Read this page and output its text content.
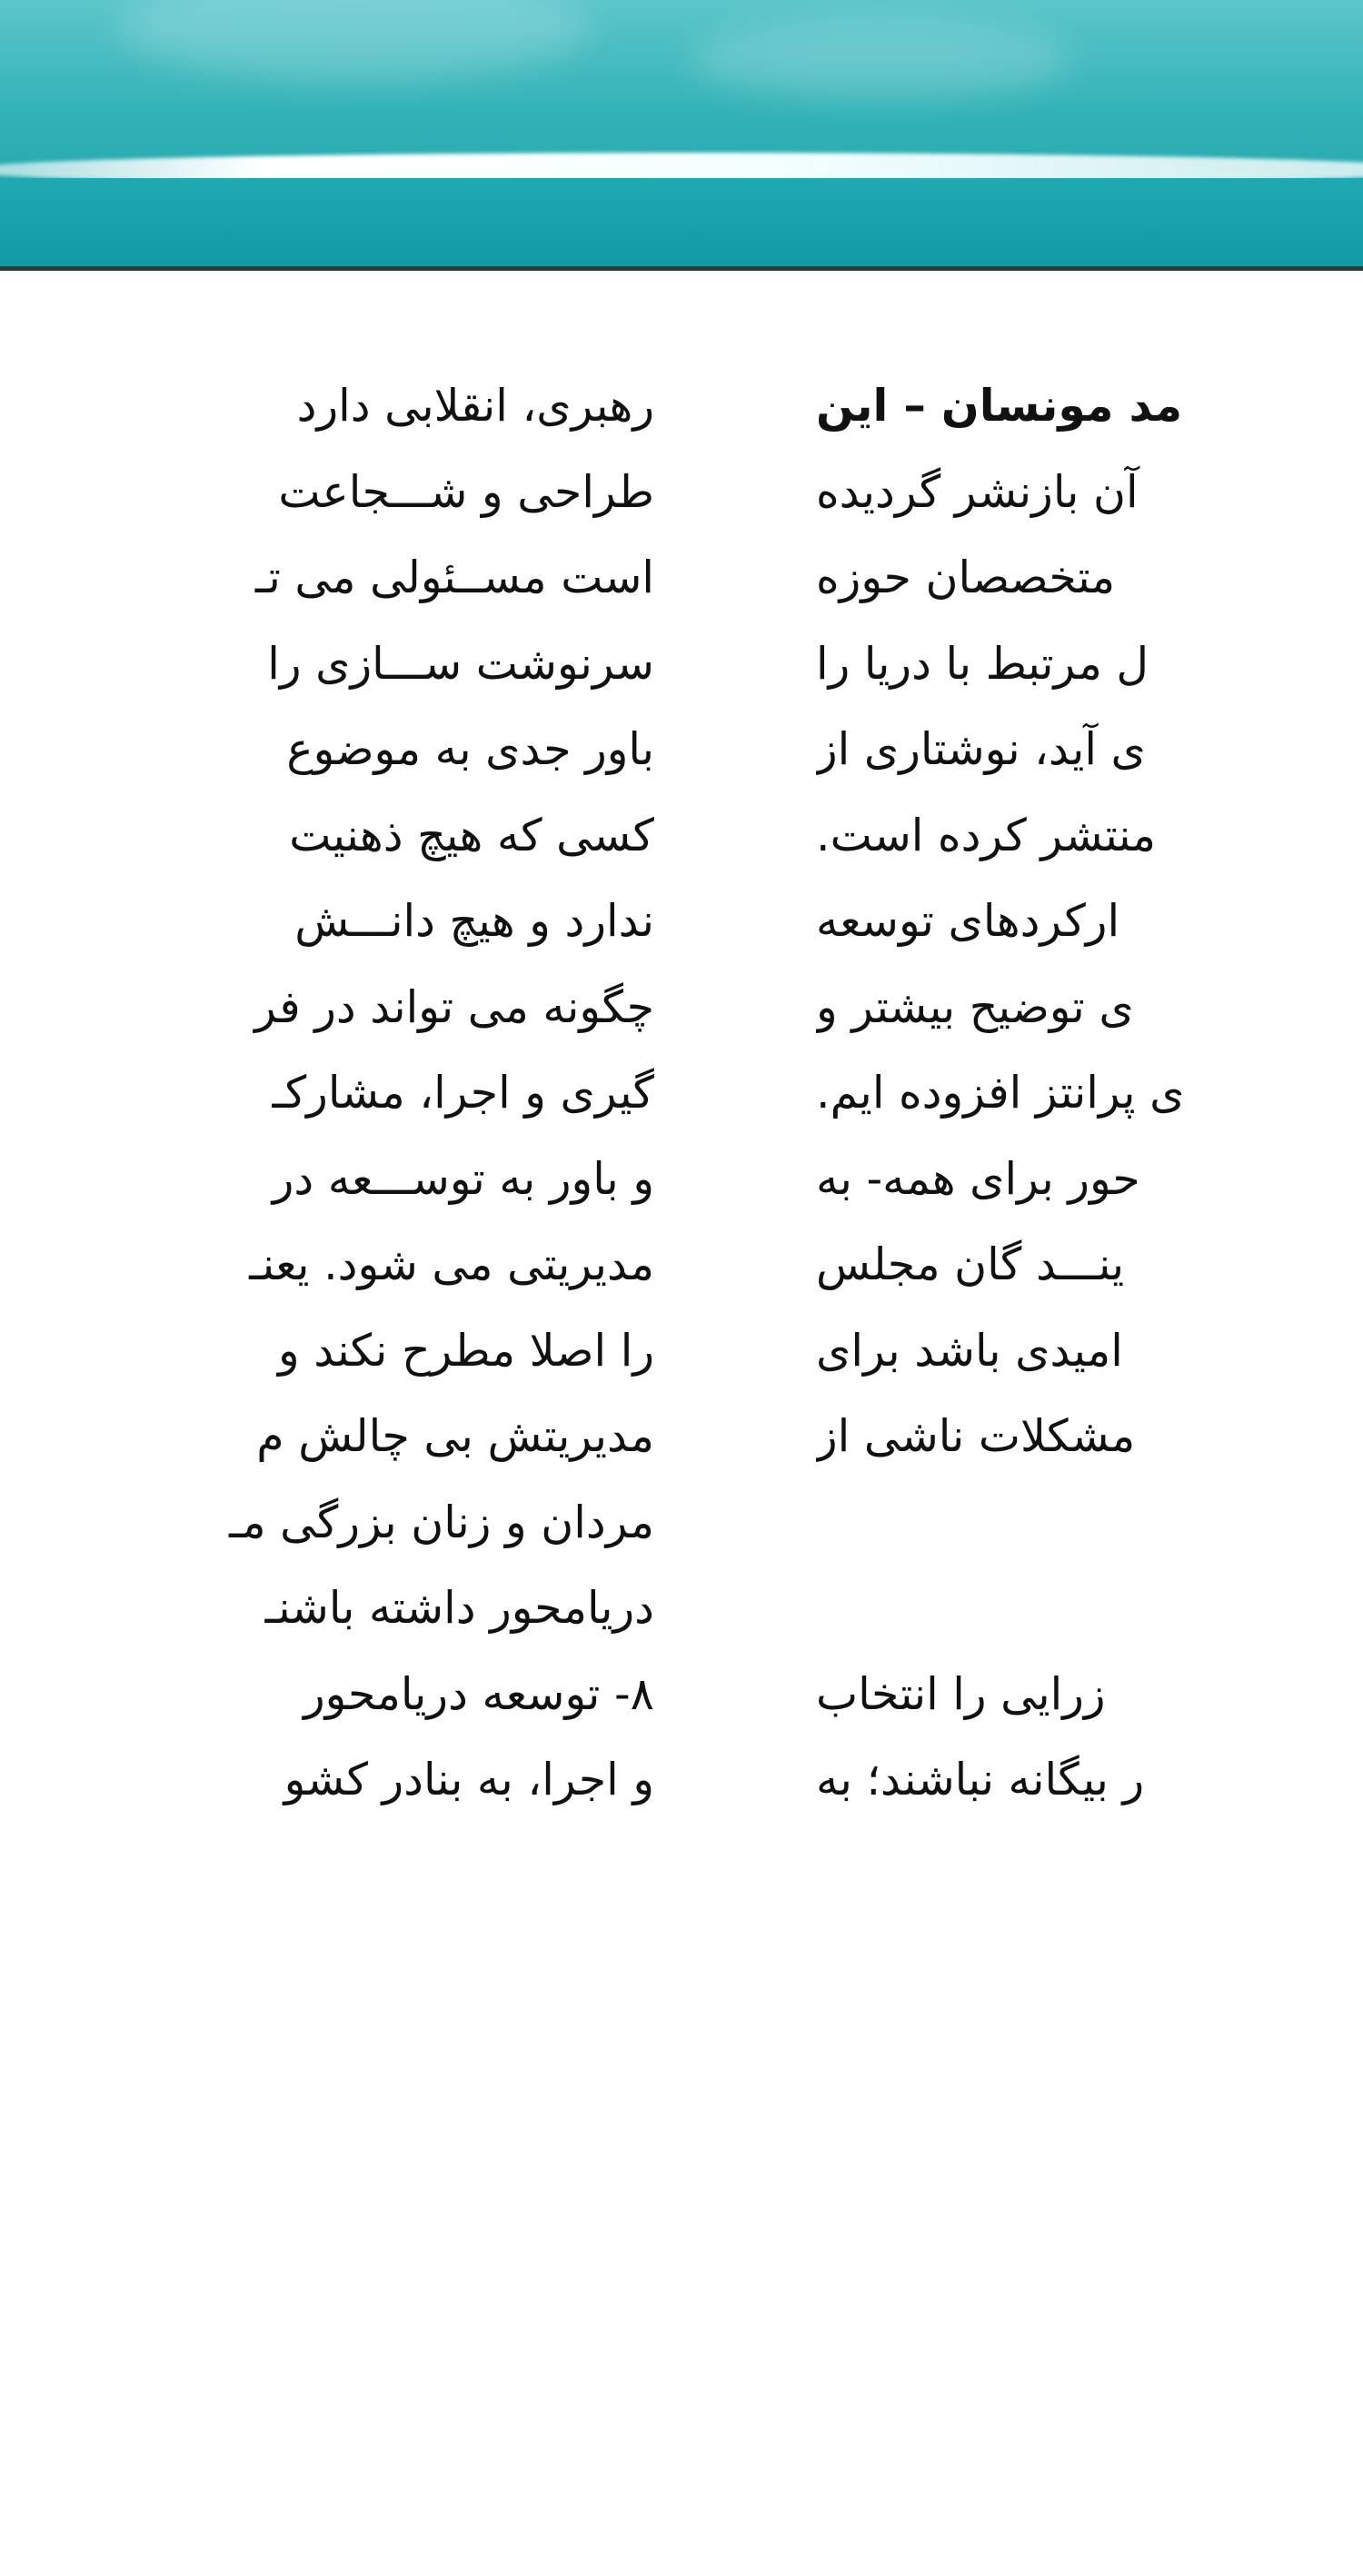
مد مونسان – این
آن بازنشر گردیده
متخصصان حوزه
ل مرتبط با دریا را
ی آید، نوشتاری از
منتشر کرده است.
ارکردهای توسعه
ی توضیح بیشتر و
ی پرانتز افزوده ایم.
حور برای همه- به
ینـــد گان مجلس
امیدی باشد برای
مشکلات ناشی از
زرایی را انتخاب
ر بیگانه نباشند؛ به
رهبری، انقلابی دارد
طراحی و شـــجاعت
است مســئولی می تـ
سرنوشت ســـازی را
باور جدی به موضوع
کسی که هیچ ذهنیت
ندارد و هیچ دانـــش
چگونه می تواند در فر
گیری و اجرا، مشارکـ
و باور به توســـعه در
مدیریتی می شود. یعنـ
را اصلا مطرح نکند و
مدیریتش بی چالش م
مردان و زنان بزرگی مـ
دریامحور داشته باشنـ
۸- توسعه دریامحور
و اجرا، به بنادر کشو
